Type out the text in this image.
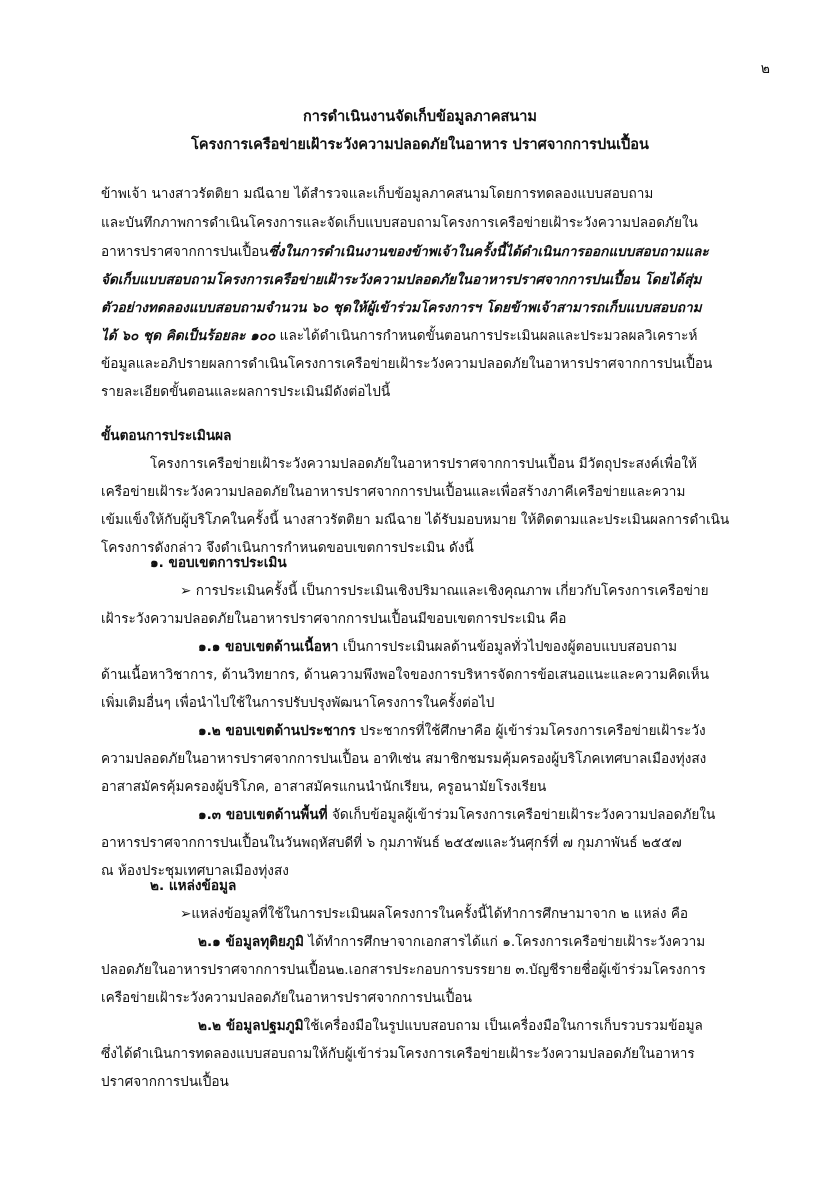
๒
การดำเนินงานจัดเก็บข้อมูลภาคสนาม
โครงการเครือข่ายเฝ้าระวังความปลอดภัยในอาหาร ปราศจากการปนเปื้อน
ข้าพเจ้า นางสาวรัตติยา มณีฉาย ได้สำรวจและเก็บข้อมูลภาคสนามโดยการทดลองแบบสอบถาม
และบันทึกภาพการดำเนินโครงการและจัดเก็บแบบสอบถามโครงการเครือข่ายเฝ้าระวังความปลอดภัยใน
อาหารปราศจากการปนเปื้อนซึ่งในการดำเนินงานของข้าพเจ้าในครั้งนี้ได้ดำเนินการออกแบบสอบถามและ
จัดเก็บแบบสอบถามโครงการเครือข่ายเฝ้าระวังความปลอดภัยในอาหารปราศจากการปนเปื้อน โดยได้สุ่ม
ตัวอย่างทดลองแบบสอบถามจำนวน ๖๐ ชุดให้ผู้เข้าร่วมโครงการฯ โดยข้าพเจ้าสามารถเก็บแบบสอบถาม
ได้ ๖๐ ชุด คิดเป็นร้อยละ ๑๐๐ และได้ดำเนินการกำหนดขั้นตอนการประเมินผลและประมวลผลวิเคราะห์
ข้อมูลและอภิปรายผลการดำเนินโครงการเครือข่ายเฝ้าระวังความปลอดภัยในอาหารปราศจากการปนเปื้อน
รายละเอียดขั้นตอนและผลการประเมินมีดังต่อไปนี้
ขั้นตอนการประเมินผล
โครงการเครือข่ายเฝ้าระวังความปลอดภัยในอาหารปราศจากการปนเปื้อน มีวัตถุประสงค์เพื่อให้
เครือข่ายเฝ้าระวังความปลอดภัยในอาหารปราศจากการปนเปื้อนและเพื่อสร้างภาคีเครือข่ายและความ
เข้มแข็งให้กับผู้บริโภคในครั้งนี้ นางสาวรัตติยา มณีฉาย ได้รับมอบหมาย ให้ติดตามและประเมินผลการดำเนิน
โครงการดังกล่าว จึงดำเนินการกำหนดขอบเขตการประเมิน ดังนี้
๑. ขอบเขตการประเมิน
➢ การประเมินครั้งนี้ เป็นการประเมินเชิงปริมาณและเชิงคุณภาพ เกี่ยวกับโครงการเครือข่าย
เฝ้าระวังความปลอดภัยในอาหารปราศจากการปนเปื้อนมีขอบเขตการประเมิน คือ
๑.๑ ขอบเขตด้านเนื้อหา เป็นการประเมินผลด้านข้อมูลทั่วไปของผู้ตอบแบบสอบถาม
ด้านเนื้อหาวิชาการ, ด้านวิทยากร, ด้านความพึงพอใจของการบริหารจัดการข้อเสนอแนะและความคิดเห็น
เพิ่มเติมอื่นๆ เพื่อนำไปใช้ในการปรับปรุงพัฒนาโครงการในครั้งต่อไป
๑.๒ ขอบเขตด้านประชากร ประชากรที่ใช้ศึกษาคือ ผู้เข้าร่วมโครงการเครือข่ายเฝ้าระวัง
ความปลอดภัยในอาหารปราศจากการปนเปื้อน อาทิเช่น สมาชิกชมรมคุ้มครองผู้บริโภคเทศบาลเมืองทุ่งสง
อาสาสมัครคุ้มครองผู้บริโภค, อาสาสมัครแกนนำนักเรียน, ครูอนามัยโรงเรียน
๑.๓ ขอบเขตด้านพื้นที่ จัดเก็บข้อมูลผู้เข้าร่วมโครงการเครือข่ายเฝ้าระวังความปลอดภัยใน
อาหารปราศจากการปนเปื้อนในวันพฤหัสบดีที่ ๖ กุมภาพันธ์ ๒๕๕๗และวันศุกร์ที่ ๗ กุมภาพันธ์ ๒๕๕๗
ณ ห้องประชุมเทศบาลเมืองทุ่งสง
๒. แหล่งข้อมูล
➢แหล่งข้อมูลที่ใช้ในการประเมินผลโครงการในครั้งนี้ได้ทำการศึกษามาจาก ๒ แหล่ง คือ
๒.๑ ข้อมูลทุติยภูมิ ได้ทำการศึกษาจากเอกสารได้แก่ ๑.โครงการเครือข่ายเฝ้าระวังความ
ปลอดภัยในอาหารปราศจากการปนเปื้อน๒.เอกสารประกอบการบรรยาย ๓.บัญชีรายชื่อผู้เข้าร่วมโครงการ
เครือข่ายเฝ้าระวังความปลอดภัยในอาหารปราศจากการปนเปื้อน
๒.๒ ข้อมูลปฐมภูมิใช้เครื่องมือในรูปแบบสอบถาม เป็นเครื่องมือในการเก็บรวบรวมข้อมูล
ซึ่งได้ดำเนินการทดลองแบบสอบถามให้กับผู้เข้าร่วมโครงการเครือข่ายเฝ้าระวังความปลอดภัยในอาหาร
ปราศจากการปนเปื้อน
